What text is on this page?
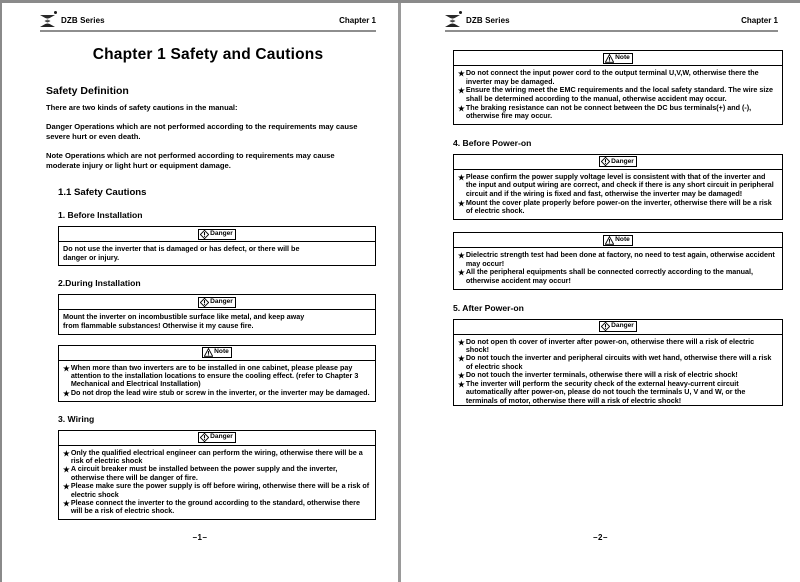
DZB Series	Chapter 1
Chapter 1 Safety and Cautions
Safety Definition
There are two kinds of safety cautions in the manual:
Danger Operations which are not performed according to the requirements may cause severe hurt or even death.
Note Operations which are not performed according to requirements may cause moderate injury or light hurt or equipment damage.
1.1 Safety Cautions
1. Before Installation
Danger
Do not use the inverter that is damaged or has defect, or there will be
danger or injury.
2.During Installation
Danger
Mount the inverter on incombustible surface like metal, and keep away
from flammable substances! Otherwise it my cause fire.
Note
★ When more than two inverters are to be installed in one cabinet, please please pay attention to the installation locations to ensure the cooling effect. (refer to Chapter 3 Mechanical and Electrical Installation)
★ Do not drop the lead wire stub or screw in the inverter, or the inverter may be damaged.
3. Wiring
Danger
★ Only the qualified electrical engineer can perform the wiring, otherwise there will be a risk of electric shock
★ A circuit breaker must be installed between the power supply and the inverter, otherwise there will be danger of fire.
★ Please make sure the power supply is off before wiring, otherwise there will be a risk of electric shock
★ Please connect the inverter to the ground according to the standard, otherwise there will be a risk of electric shock.
–1–
DZB Series	Chapter 1
Note
★ Do not connect the input power cord to the output terminal U,V,W, otherwise there the inverter may be damaged.
★ Ensure the wiring meet the EMC requirements and the local safety standard. The wire size shall be determined according to the manual, otherwise accident may occur.
★ The braking resistance can not be connect between the DC bus terminals(+) and (-), otherwise fire may occur.
4. Before Power-on
Danger
★ Please confirm the power supply voltage level is consistent with that of the inverter and the input and output wiring are correct, and check if there is any short circuit in peripheral circuit and if the wiring is fixed and fast, otherwise the inverter may be damaged!
★ Mount the cover plate properly before power-on the inverter, otherwise there will be a risk of electric shock.
Note
★ Dielectric strength test had been done at factory, no need to test again, otherwise accident may occur!
★ All the peripheral equipments shall be connected correctly according to the manual, otherwise accident may occur!
5. After Power-on
Danger
★ Do not open th cover of inverter after power-on, otherwise there will a risk of electric shock!
★ Do not touch the inverter and peripheral circuits with wet hand, otherwise there will a risk of electric shock
★ Do not touch the inverter terminals, otherwise there will a risk of electric shock!
★ The inverter will perform the security check of the external heavy-current circuit automatically after power-on, please do not touch the terminals U, V and W, or the terminals of motor, otherwise there will a risk of electric shock!
–2–
